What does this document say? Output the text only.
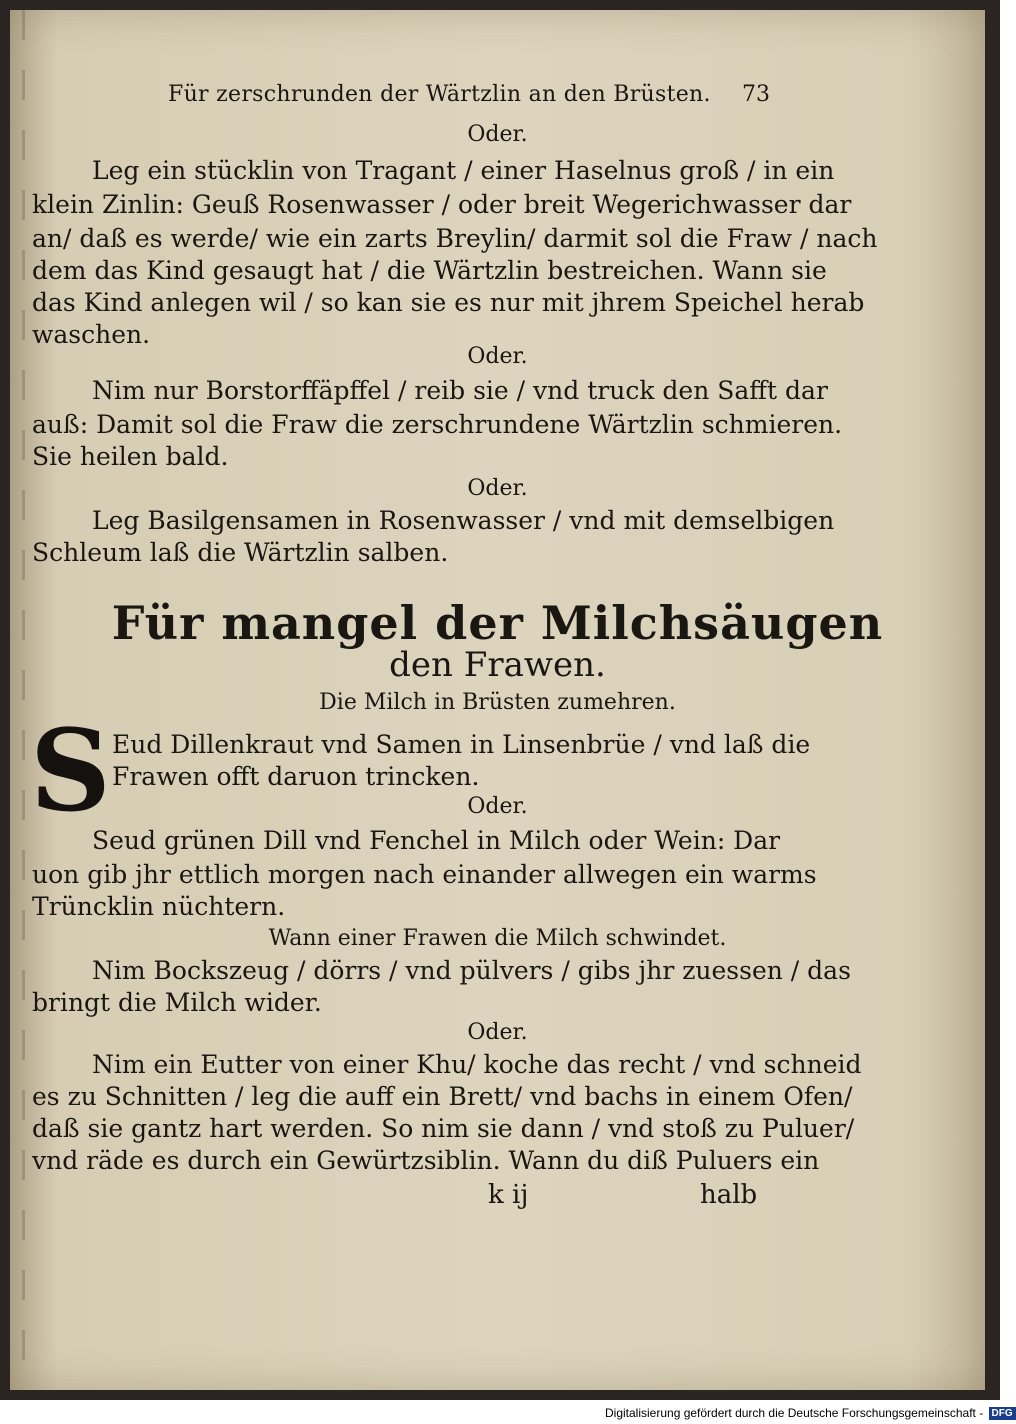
Für zerschrunden der Wärtzlin an den Brüsten. 73
Oder.
Leg ein stücklin von Tragant / einer Haselnus groß / in ein
klein Zinlin: Geuß Rosenwasser / oder breit Wegerichwasser dar
an/ daß es werde/ wie ein zarts Breylin/ darmit sol die Fraw / nach
dem das Kind gesaugt hat / die Wärtzlin bestreichen. Wann sie
das Kind anlegen wil / so kan sie es nur mit jhrem Speichel herab
waschen.
Oder.
Nim nur Borstorffäpffel / reib sie / vnd truck den Safft dar
auß: Damit sol die Fraw die zerschrundene Wärtzlin schmieren.
Sie heilen bald.
Oder.
Leg Basilgensamen in Rosenwasser / vnd mit demselbigen
Schleum laß die Wärtzlin salben.
Für mangel der Milchsäugen
den Frawen.
Die Milch in Brüsten zumehren.
S Eud Dillenkraut vnd Samen in Linsenbrüe / vnd laß die
Frawen offt daruon trincken.
Oder.
Seud grünen Dill vnd Fenchel in Milch oder Wein: Dar
uon gib jhr ettlich morgen nach einander allwegen ein warms
Trüncklin nüchtern.
Wann einer Frawen die Milch schwindet.
Nim Bockszeug / dörrs / vnd pülvers / gibs jhr zuessen / das
bringt die Milch wider.
Oder.
Nim ein Eutter von einer Khu/ koche das recht / vnd schneid
es zu Schnitten / leg die auff ein Brett/ vnd bachs in einem Ofen/
daß sie gantz hart werden. So nim sie dann / vnd stoß zu Puluer/
vnd räde es durch ein Gewürtzsiblin. Wann du diß Puluers ein
k ij	halb
Digitalisierung gefördert durch die Deutsche Forschungsgemeinschaft - DFG
